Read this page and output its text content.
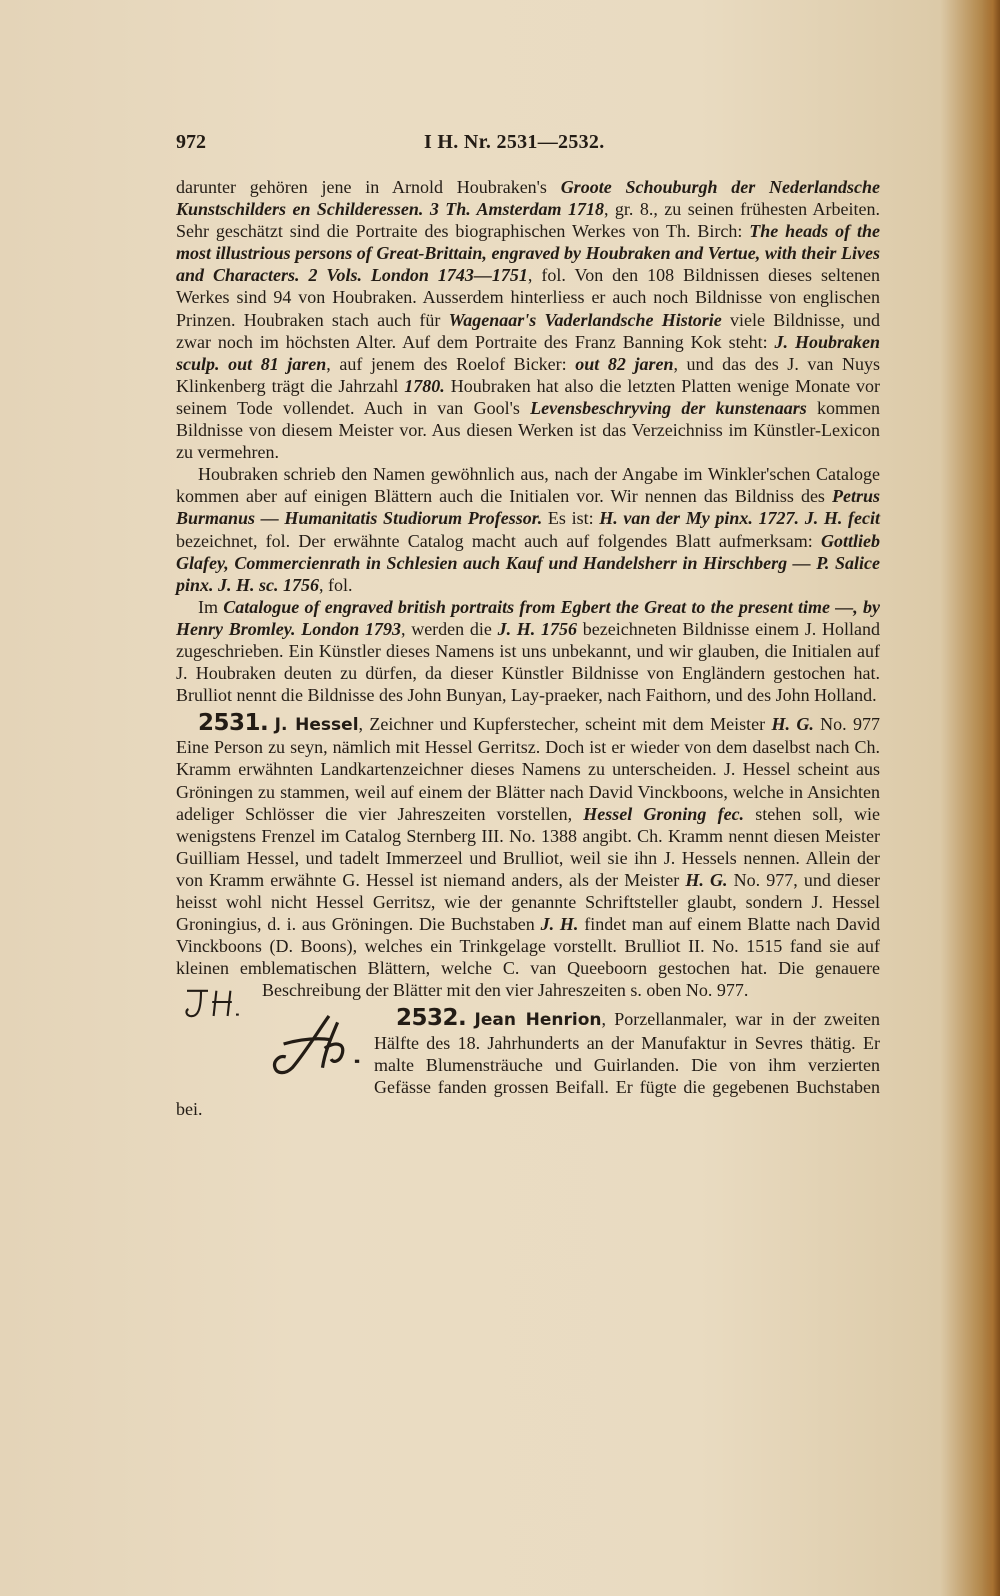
972	I H. Nr. 2531—2532.

darunter gehören jene in Arnold Houbraken's Groote Schouburgh der Nederlandsche Kunstschilders en Schilderessen. 3 Th. Amsterdam 1718, gr. 8., zu seinen frühesten Arbeiten. Sehr geschätzt sind die Portraite des biographischen Werkes von Th. Birch: The heads of the most illustrious persons of Great-Brittain, engraved by Houbraken and Vertue, with their Lives and Characters. 2 Vols. London 1743—1751, fol. Von den 108 Bildnissen dieses seltenen Werkes sind 94 von Houbraken. Ausserdem hinterliess er auch noch Bildnisse von englischen Prinzen. Houbraken stach auch für Wagenaar's Vaderlandsche Historie viele Bildnisse, und zwar noch im höchsten Alter. Auf dem Portraite des Franz Banning Kok steht: J. Houbraken sculp. out 81 jaren, auf jenem des Roelof Bicker: out 82 jaren, und das des J. van Nuys Klinkenberg trägt die Jahrzahl 1780. Houbraken hat also die letzten Platten wenige Monate vor seinem Tode vollendet. Auch in van Gool's Levensbeschryving der kunstenaars kommen Bildnisse von diesem Meister vor. Aus diesen Werken ist das Verzeichniss im Künstler-Lexicon zu vermehren.

Houbraken schrieb den Namen gewöhnlich aus, nach der Angabe im Winkler'schen Cataloge kommen aber auf einigen Blättern auch die Initialen vor. Wir nennen das Bildniss des Petrus Burmanus — Humanitatis Studiorum Professor. Es ist: H. van der My pinx. 1727. J. H. fecit bezeichnet, fol. Der erwähnte Catalog macht auch auf folgendes Blatt aufmerksam: Gottlieb Glafey, Commercienrath in Schlesien auch Kauf und Handelsherr in Hirschberg — P. Salice pinx. J. H. sc. 1756, fol.

Im Catalogue of engraved british portraits from Egbert the Great to the present time —, by Henry Bromley. London 1793, werden die J. H. 1756 bezeichneten Bildnisse einem J. Holland zugeschrieben. Ein Künstler dieses Namens ist uns unbekannt, und wir glauben, die Initialen auf J. Houbraken deuten zu dürfen, da dieser Künstler Bildnisse von Engländern gestochen hat. Brulliot nennt die Bildnisse des John Bunyan, Lay-praeker, nach Faithorn, und des John Holland.

2531. J. Hessel, Zeichner und Kupferstecher, scheint mit dem Meister H. G. No. 977 Eine Person zu seyn, nämlich mit Hessel Gerritsz. Doch ist er wieder von dem daselbst nach Ch. Kramm erwähnten Landkartenzeichner dieses Namens zu unterscheiden. J. Hessel scheint aus Gröningen zu stammen, weil auf einem der Blätter nach David Vinckboons, welche in Ansichten adeliger Schlösser die vier Jahreszeiten vorstellen, Hessel Groning fec. stehen soll, wie wenigstens Frenzel im Catalog Sternberg III. No. 1388 angibt. Ch. Kramm nennt diesen Meister Guilliam Hessel, und tadelt Immerzeel und Brulliot, weil sie ihn J. Hessels nennen. Allein der von Kramm erwähnte G. Hessel ist niemand anders, als der Meister H. G. No. 977, und dieser heisst wohl nicht Hessel Gerritsz, wie der genannte Schriftsteller glaubt, sondern J. Hessel Groningius, d. i. aus Gröningen. Die Buchstaben J. H. findet man auf einem Blatte nach David Vinckboons (D. Boons), welches ein Trinkgelage vorstellt. Brulliot II. No. 1515 fand sie auf kleinen emblematischen Blättern, welche C. van Queeboorn gestochen hat. Die genauere Beschreibung der Blätter mit den vier Jahreszeiten s. oben No. 977.

2532. Jean Henrion
, Porzellanmaler, war in der zweiten Hälfte des 18. Jahrhunderts an der Manufaktur in Sevres thätig. Er malte Blumensträuche und Guirlanden. Die von ihm verzierten Gefässe fanden grossen Beifall. Er fügte die gegebenen Buchstaben bei.
